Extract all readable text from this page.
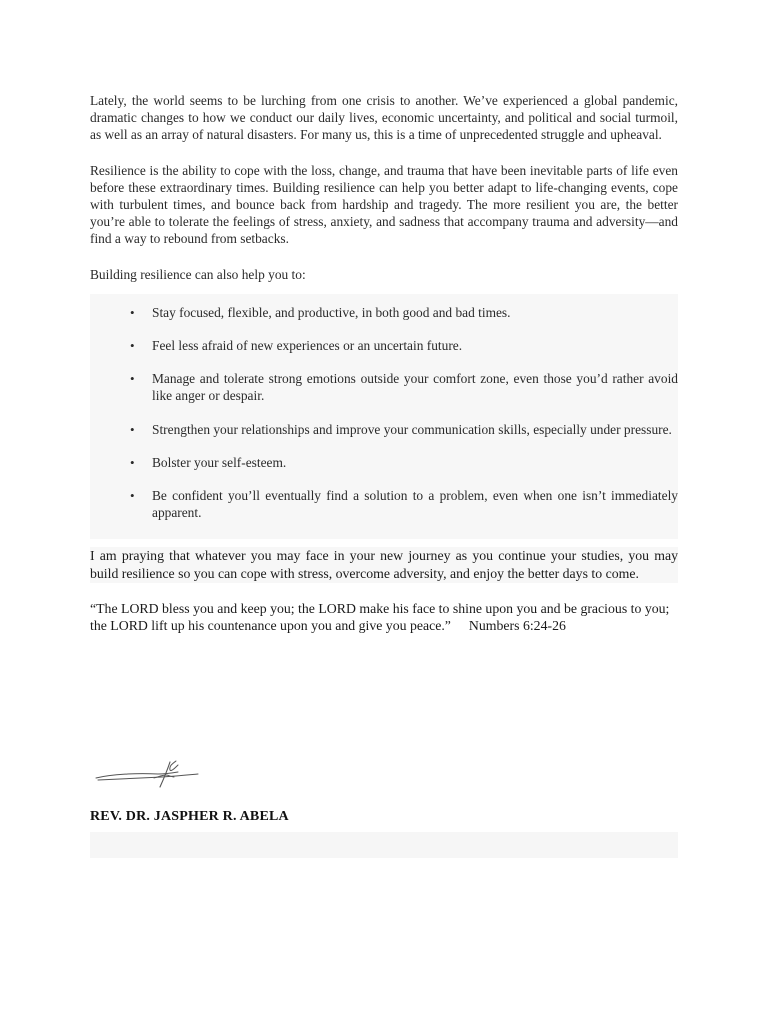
Lately, the world seems to be lurching from one crisis to another. We’ve experienced a global pandemic, dramatic changes to how we conduct our daily lives, economic uncertainty, and political and social turmoil, as well as an array of natural disasters. For many us, this is a time of unprecedented struggle and upheaval.

Resilience is the ability to cope with the loss, change, and trauma that have been inevitable parts of life even before these extraordinary times. Building resilience can help you better adapt to life-changing events, cope with turbulent times, and bounce back from hardship and tragedy. The more resilient you are, the better you’re able to tolerate the feelings of stress, anxiety, and sadness that accompany trauma and adversity—and find a way to rebound from setbacks.

Building resilience can also help you to:

• Stay focused, flexible, and productive, in both good and bad times.
• Feel less afraid of new experiences or an uncertain future.
• Manage and tolerate strong emotions outside your comfort zone, even those you’d rather avoid like anger or despair.
• Strengthen your relationships and improve your communication skills, especially under pressure.
• Bolster your self-esteem.
• Be confident you’ll eventually find a solution to a problem, even when one isn’t immediately apparent.

I am praying that whatever you may face in your new journey as you continue your studies, you may build resilience so you can cope with stress, overcome adversity, and enjoy the better days to come.

“The LORD bless you and keep you; the LORD make his face to shine upon you and be gracious to you; the LORD lift up his countenance upon you and give you peace.” Numbers 6:24-26

REV. DR. JASPHER R. ABELA
